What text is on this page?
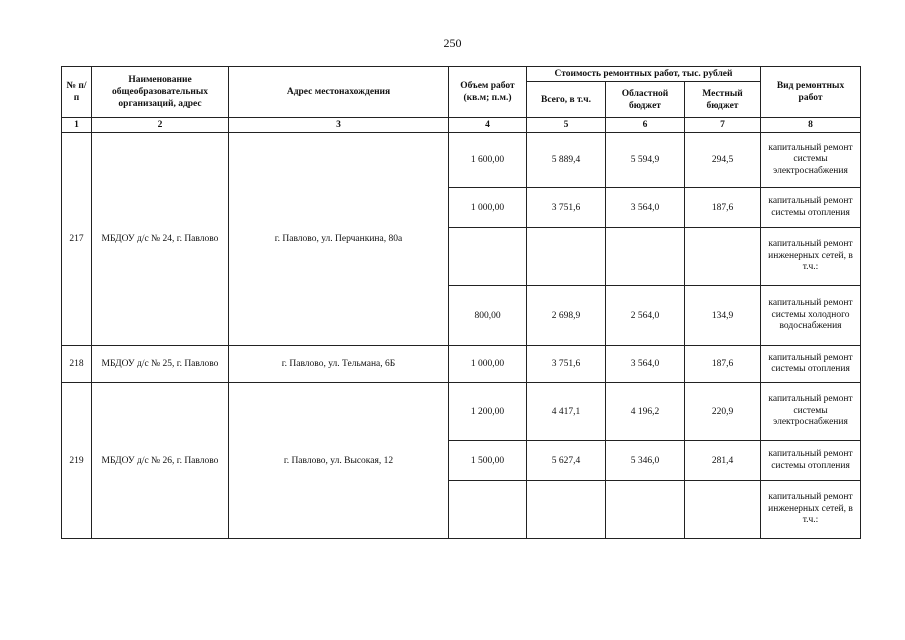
250
№ п/п	Наименование общеобразовательных организаций, адрес	Адрес местонахождения	Объем работ (кв.м; п.м.)	Стоимость ремонтных работ, тыс. рублей			Вид ремонтных работ
				Всего, в т.ч.	Областной бюджет	Местный бюджет	
1	2	3	4	5	6	7	8
217	МБДОУ д/с № 24, г. Павлово	г. Павлово, ул. Перчанкина, 80а	1 600,00	5 889,4	5 594,9	294,5	капитальный ремонт системы электроснабжения
			1 000,00	3 751,6	3 564,0	187,6	капитальный ремонт системы отопления
							капитальный ремонт инженерных сетей, в т.ч.:
			800,00	2 698,9	2 564,0	134,9	капитальный ремонт системы холодного водоснабжения
218	МБДОУ д/с № 25, г. Павлово	г. Павлово, ул. Тельмана, 6Б	1 000,00	3 751,6	3 564,0	187,6	капитальный ремонт системы отопления
219	МБДОУ д/с № 26, г. Павлово	г. Павлово, ул. Высокая, 12	1 200,00	4 417,1	4 196,2	220,9	капитальный ремонт системы электроснабжения
			1 500,00	5 627,4	5 346,0	281,4	капитальный ремонт системы отопления
							капитальный ремонт инженерных сетей, в т.ч.:
